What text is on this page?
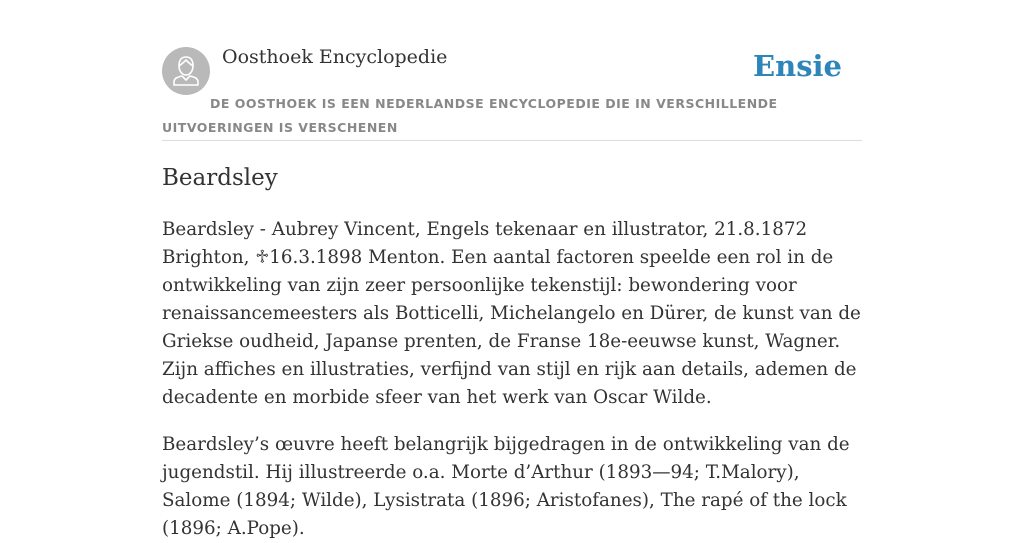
Oosthoek Encyclopedie	Ensie
DE OOSTHOEK IS EEN NEDERLANDSE ENCYCLOPEDIE DIE IN VERSCHILLENDE UITVOERINGEN IS VERSCHENEN
Beardsley

Beardsley - Aubrey Vincent, Engels tekenaar en illustrator, 21.8.1872 Brighton, ♱16.3.1898 Menton. Een aantal factoren speelde een rol in de ontwikkeling van zijn zeer persoonlijke tekenstijl: bewondering voor renaissancemeesters als Botticelli, Michelangelo en Dürer, de kunst van de Griekse oudheid, Japanse prenten, de Franse 18e-eeuwse kunst, Wagner. Zijn affiches en illustraties, verfijnd van stijl en rijk aan details, ademen de decadente en morbide sfeer van het werk van Oscar Wilde.

Beardsley’s œuvre heeft belangrijk bijgedragen in de ontwikkeling van de jugendstil. Hij illustreerde o.a. Morte d’Arthur (1893—94; T.Malory), Salome (1894; Wilde), Lysistrata (1896; Aristofanes), The rapé of the lock (1896; A.Pope).
